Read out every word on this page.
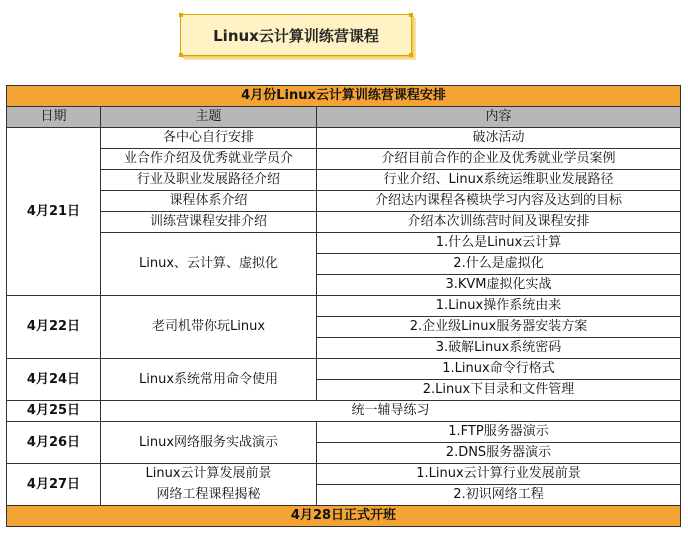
Linux云计算训练营课程
4月份Linux云计算训练营课程安排		
日期	主题	内容
4月21日	各中心自行安排	破冰活动
	业合作介绍及优秀就业学员介	介绍目前合作的企业及优秀就业学员案例
	行业及职业发展路径介绍	行业介绍、Linux系统运维职业发展路径
	课程体系介绍	介绍达内课程各模块学习内容及达到的目标
	训练营课程安排介绍	介绍本次训练营时间及课程安排
	Linux、云计算、虚拟化	1.什么是Linux云计算
		2.什么是虚拟化
		3.KVM虚拟化实战
4月22日	老司机带你玩Linux	1.Linux操作系统由来
		2.企业级Linux服务器安装方案
		3.破解Linux系统密码
4月24日	Linux系统常用命令使用	1.Linux命令行格式
		2.Linux下目录和文件管理
4月25日	统一辅导练习	
4月26日	Linux网络服务实战演示	1.FTP服务器演示
		2.DNS服务器演示
4月27日	Linux云计算发展前景	1.Linux云计算行业发展前景
	网络工程课程揭秘	2.初识网络工程
4月28日正式开班		
